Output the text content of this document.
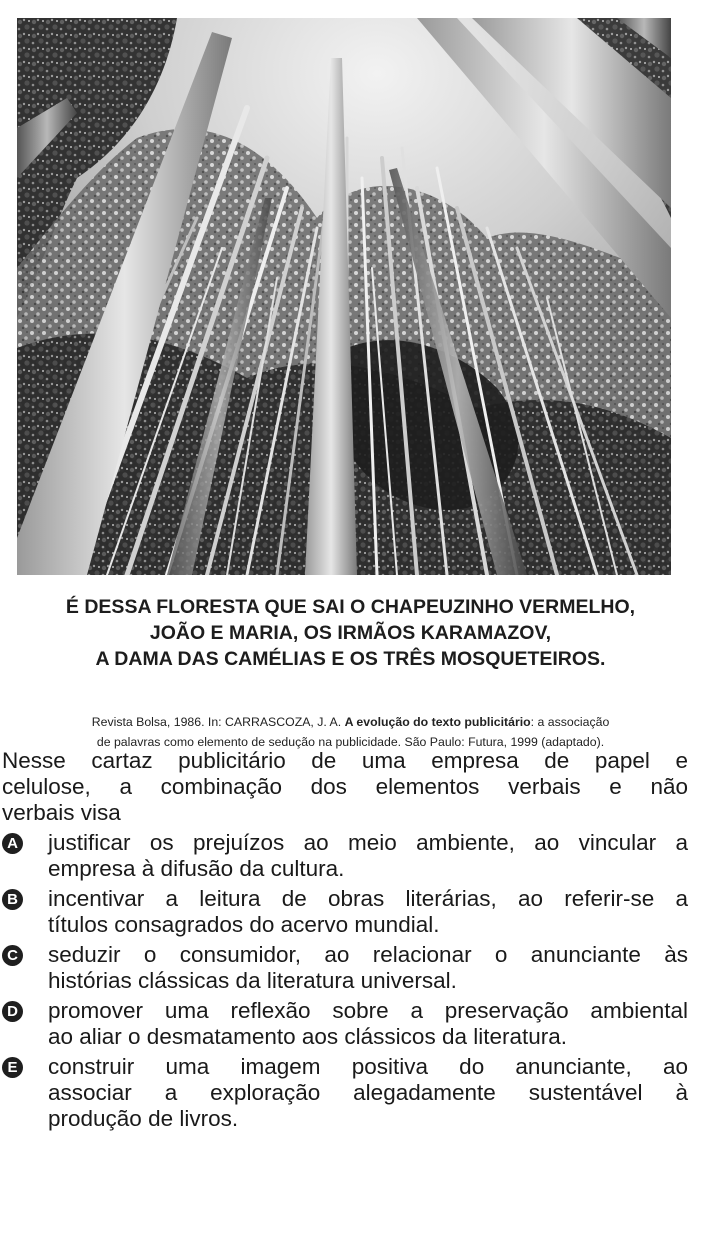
É DESSA FLORESTA QUE SAI O CHAPEUZINHO VERMELHO,
JOÃO E MARIA, OS IRMÃOS KARAMAZOV,
A DAMA DAS CAMÉLIAS E OS TRÊS MOSQUETEIROS.
Revista Bolsa, 1986. In: CARRASCOZA, J. A. A evolução do texto publicitário: a associação
de palavras como elemento de sedução na publicidade. São Paulo: Futura, 1999 (adaptado).
Nesse cartaz publicitário de uma empresa de papel e
celulose, a combinação dos elementos verbais e não
verbais visa
A justificar os prejuízos ao meio ambiente, ao vincular a
empresa à difusão da cultura.
B incentivar a leitura de obras literárias, ao referir-se a
títulos consagrados do acervo mundial.
C seduzir o consumidor, ao relacionar o anunciante às
histórias clássicas da literatura universal.
D promover uma reflexão sobre a preservação ambiental
ao aliar o desmatamento aos clássicos da literatura.
E construir uma imagem positiva do anunciante, ao
associar a exploração alegadamente sustentável à
produção de livros.
